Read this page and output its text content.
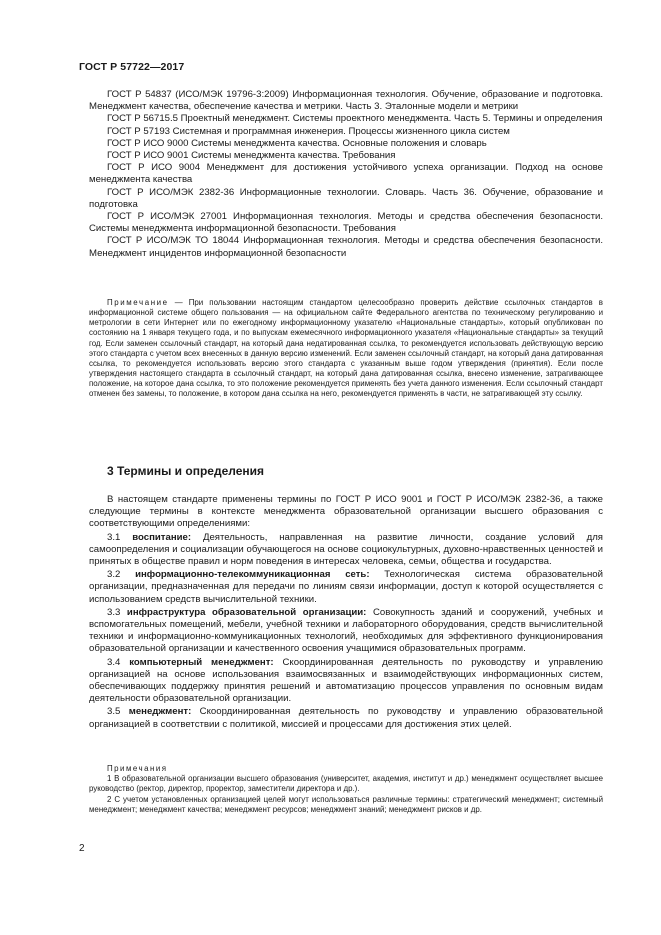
ГОСТ Р 57722—2017

ГОСТ Р 54837 (ИСО/МЭК 19796-3:2009) Информационная технология. Обучение, образование и подготовка. Менеджмент качества, обеспечение качества и метрики. Часть 3. Эталонные модели и метрики

ГОСТ Р 56715.5 Проектный менеджмент. Системы проектного менеджмента. Часть 5. Термины и определения

ГОСТ Р 57193 Системная и программная инженерия. Процессы жизненного цикла систем

ГОСТ Р ИСО 9000 Системы менеджмента качества. Основные положения и словарь

ГОСТ Р ИСО 9001 Системы менеджмента качества. Требования

ГОСТ Р ИСО 9004 Менеджмент для достижения устойчивого успеха организации. Подход на основе менеджмента качества

ГОСТ Р ИСО/МЭК 2382-36 Информационные технологии. Словарь. Часть 36. Обучение, образование и подготовка

ГОСТ Р ИСО/МЭК 27001 Информационная технология. Методы и средства обеспечения безопасности. Системы менеджмента информационной безопасности. Требования

ГОСТ Р ИСО/МЭК ТО 18044 Информационная технология. Методы и средства обеспечения безопасности. Менеджмент инцидентов информационной безопасности

Примечание — При пользовании настоящим стандартом целесообразно проверить действие ссылочных стандартов в информационной системе общего пользования — на официальном сайте Федерального агентства по техническому регулированию и метрологии в сети Интернет или по ежегодному информационному указателю «Национальные стандарты», который опубликован по состоянию на 1 января текущего года, и по выпускам ежемесячного информационного указателя «Национальные стандарты» за текущий год. Если заменен ссылочный стандарт, на который дана недатированная ссылка, то рекомендуется использовать действующую версию этого стандарта с учетом всех внесенных в данную версию изменений. Если заменен ссылочный стандарт, на который дана датированная ссылка, то рекомендуется использовать версию этого стандарта с указанным выше годом утверждения (принятия). Если после утверждения настоящего стандарта в ссылочный стандарт, на который дана датированная ссылка, внесено изменение, затрагивающее положение, на которое дана ссылка, то это положение рекомендуется применять без учета данного изменения. Если ссылочный стандарт отменен без замены, то положение, в котором дана ссылка на него, рекомендуется применять в части, не затрагивающей эту ссылку.
3 Термины и определения

В настоящем стандарте применены термины по ГОСТ Р ИСО 9001 и ГОСТ Р ИСО/МЭК 2382-36, а также следующие термины в контексте менеджмента образовательной организации высшего образования с соответствующими определениями:

3.1 воспитание: Деятельность, направленная на развитие личности, создание условий для самоопределения и социализации обучающегося на основе социокультурных, духовно-нравственных ценностей и принятых в обществе правил и норм поведения в интересах человека, семьи, общества и государства.

3.2 информационно-телекоммуникационная сеть: Технологическая система образовательной организации, предназначенная для передачи по линиям связи информации, доступ к которой осуществляется с использованием средств вычислительной техники.

3.3 инфраструктура образовательной организации: Совокупность зданий и сооружений, учебных и вспомогательных помещений, мебели, учебной техники и лабораторного оборудования, средств вычислительной техники и информационно-коммуникационных технологий, необходимых для эффективного функционирования образовательной организации и качественного освоения учащимися образовательных программ.

3.4 компьютерный менеджмент: Скоординированная деятельность по руководству и управлению организацией на основе использования взаимосвязанных и взаимодействующих информационных систем, обеспечивающих поддержку принятия решений и автоматизацию процессов управления по основным видам деятельности образовательной организации.

3.5 менеджмент: Скоординированная деятельность по руководству и управлению образовательной организацией в соответствии с политикой, миссией и процессами для достижения этих целей.

Примечания

1 В образовательной организации высшего образования (университет, академия, институт и др.) менеджмент осуществляет высшее руководство (ректор, директор, проректор, заместители директора и др.).

2 С учетом установленных организацией целей могут использоваться различные термины: стратегический менеджмент; системный менеджмент; менеджмент качества; менеджмент ресурсов; менеджмент знаний; менеджмент рисков и др.

2
